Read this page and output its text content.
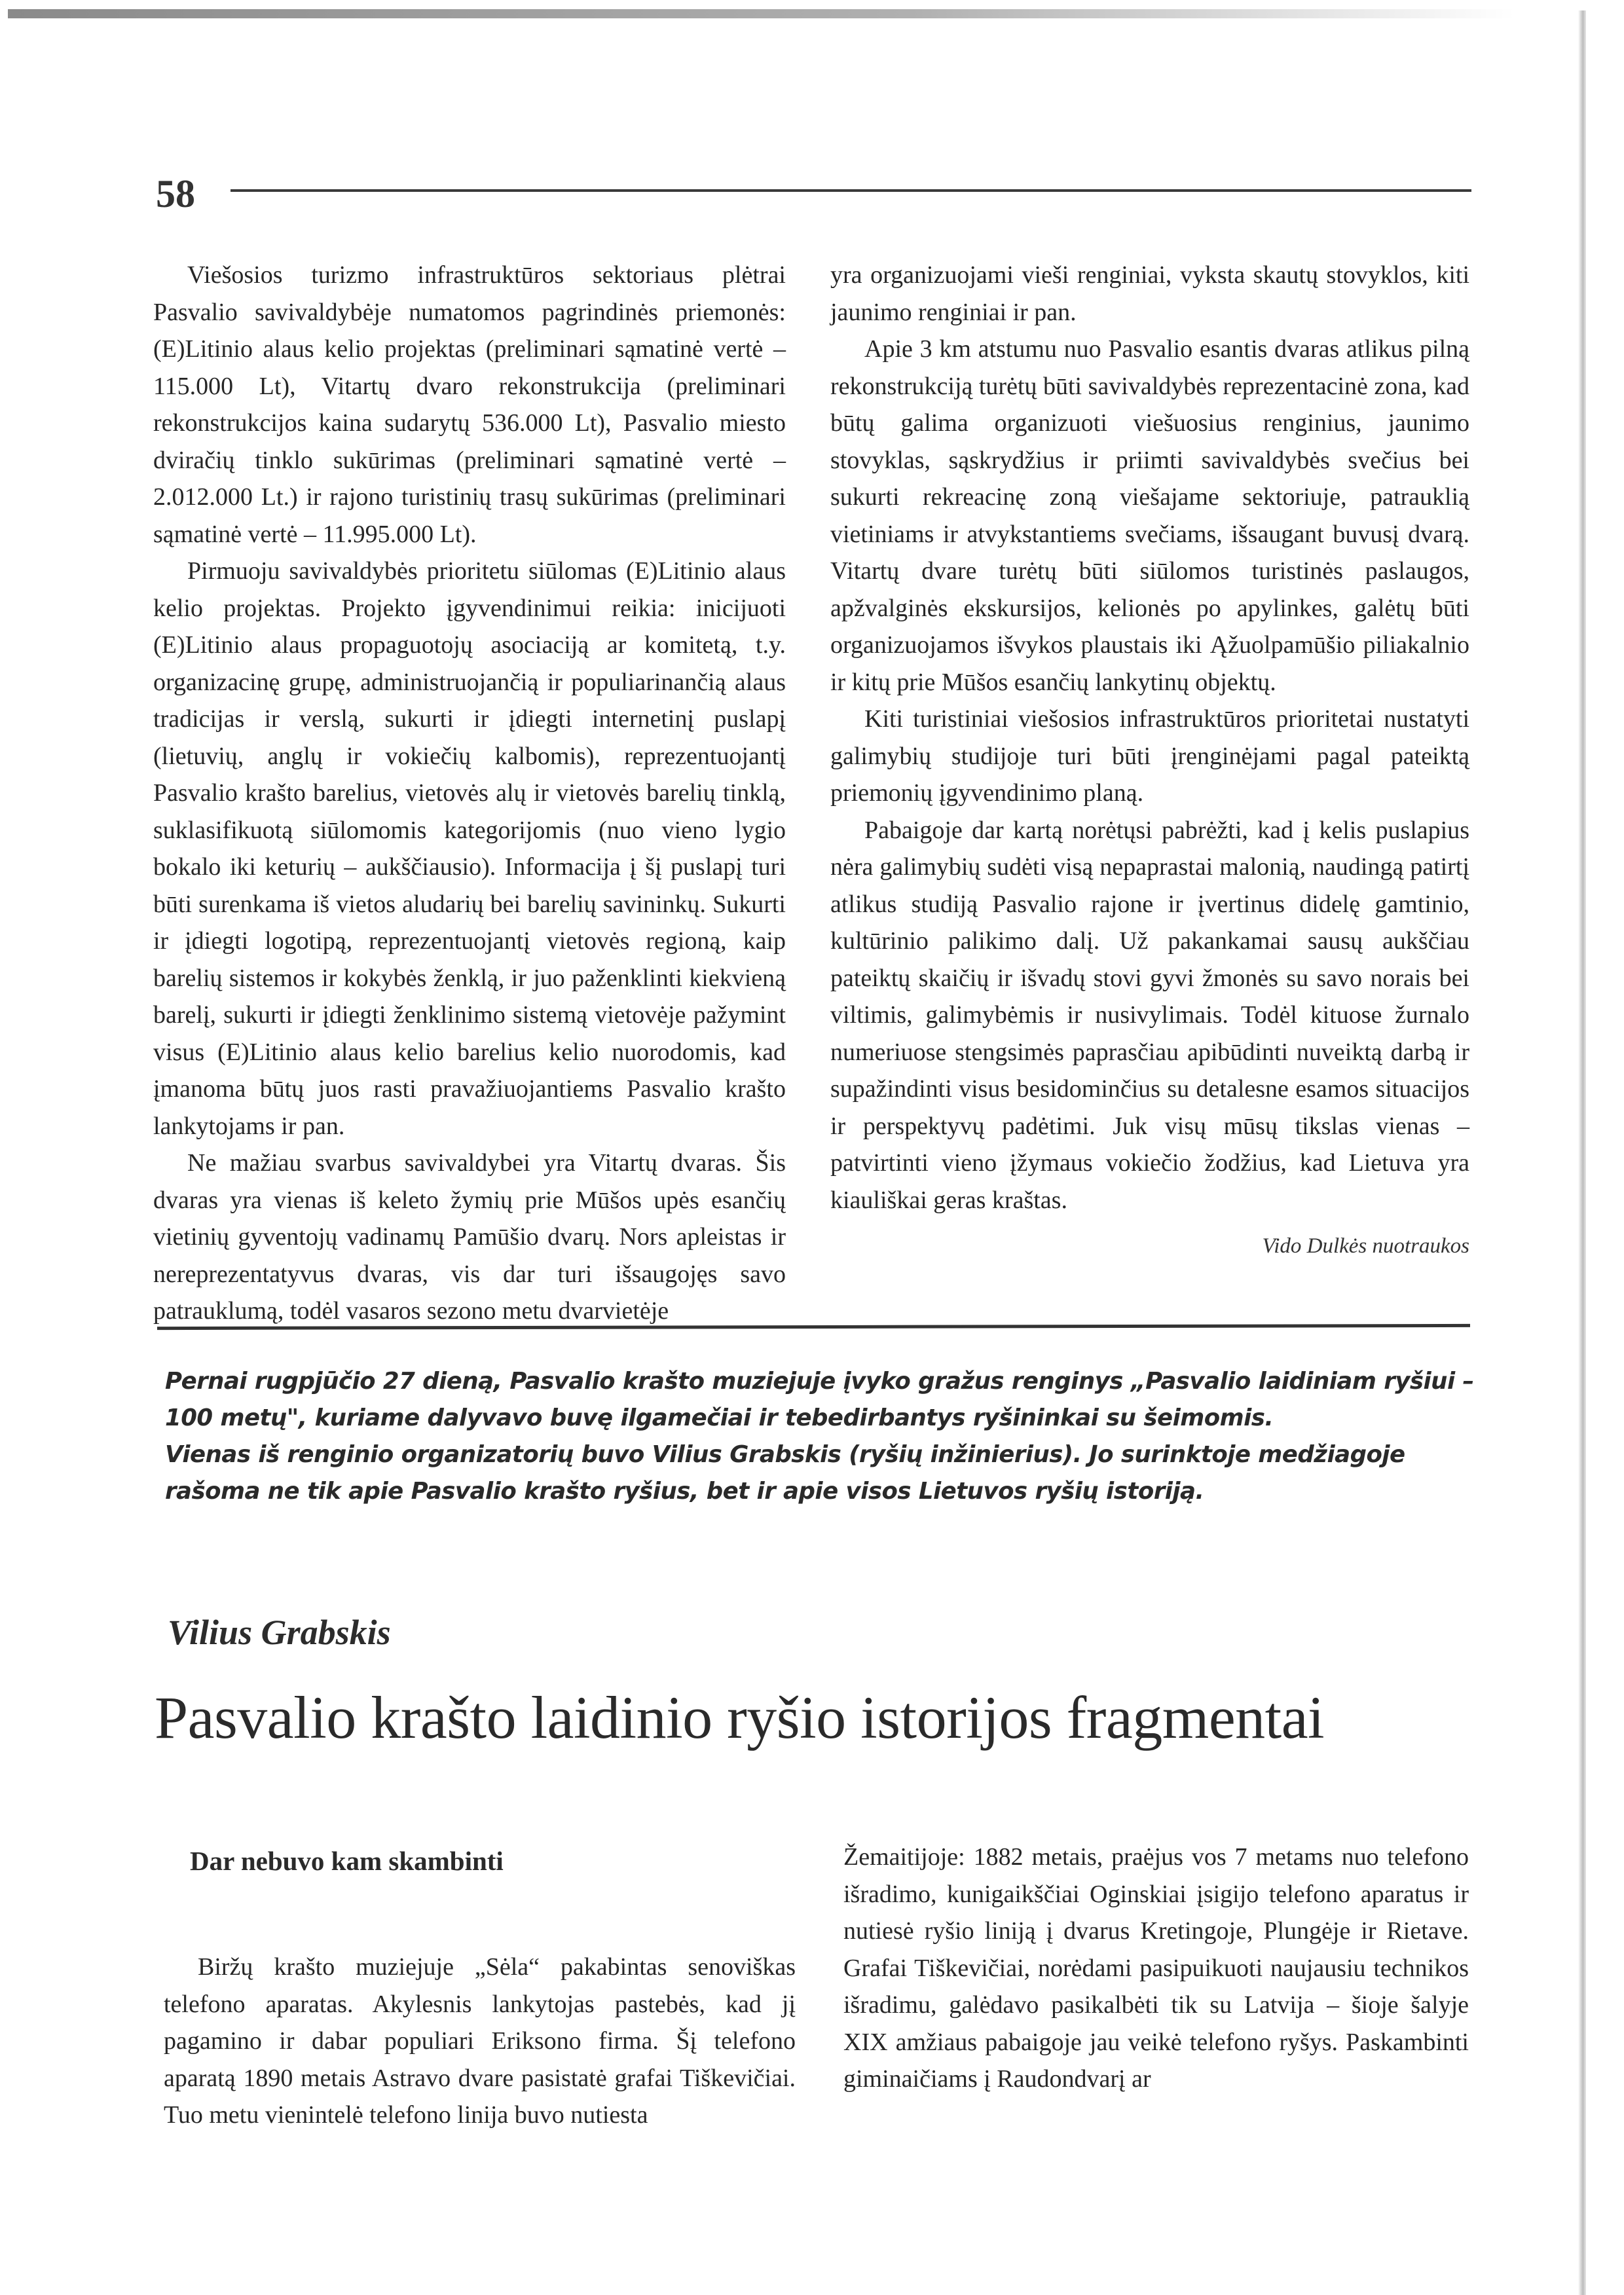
58

Viešosios turizmo infrastruktūros sektoriaus plėtrai Pasvalio savivaldybėje numatomos pagrindinės priemonės: (E)Litinio alaus kelio projektas (preliminari sąmatinė vertė – 115.000 Lt), Vitartų dvaro rekonstrukcija (preliminari rekonstrukcijos kaina sudarytų 536.000 Lt), Pasvalio miesto dviračių tinklo sukūrimas (preliminari sąmatinė vertė – 2.012.000 Lt.) ir rajono turistinių trasų sukūrimas (preliminari sąmatinė vertė – 11.995.000 Lt).

Pirmuoju savivaldybės prioritetu siūlomas (E)Litinio alaus kelio projektas. Projekto įgyvendinimui reikia: inicijuoti (E)Litinio alaus propaguotojų asociaciją ar komitetą, t.y. organizacinę grupę, administruojančią ir populiarinančią alaus tradicijas ir verslą, sukurti ir įdiegti internetinį puslapį (lietuvių, anglų ir vokiečių kalbomis), reprezentuojantį Pasvalio krašto barelius, vietovės alų ir vietovės barelių tinklą, suklasifikuotą siūlomomis kategorijomis (nuo vieno lygio bokalo iki keturių – aukščiausio). Informacija į šį puslapį turi būti surenkama iš vietos aludarių bei barelių savininkų. Sukurti ir įdiegti logotipą, reprezentuojantį vietovės regioną, kaip barelių sistemos ir kokybės ženklą, ir juo paženklinti kiekvieną barelį, sukurti ir įdiegti ženklinimo sistemą vietovėje pažymint visus (E)Litinio alaus kelio barelius kelio nuorodomis, kad įmanoma būtų juos rasti pravažiuojantiems Pasvalio krašto lankytojams ir pan.

Ne mažiau svarbus savivaldybei yra Vitartų dvaras. Šis dvaras yra vienas iš keleto žymių prie Mūšos upės esančių vietinių gyventojų vadinamų Pamūšio dvarų. Nors apleistas ir nereprezentatyvus dvaras, vis dar turi išsaugojęs savo patrauklumą, todėl vasaros sezono metu dvarvietėje

yra organizuojami vieši renginiai, vyksta skautų stovyklos, kiti jaunimo renginiai ir pan.

Apie 3 km atstumu nuo Pasvalio esantis dvaras atlikus pilną rekonstrukciją turėtų būti savivaldybės reprezentacinė zona, kad būtų galima organizuoti viešuosius renginius, jaunimo stovyklas, sąskrydžius ir priimti savivaldybės svečius bei sukurti rekreacinę zoną viešajame sektoriuje, patrauklią vietiniams ir atvykstantiems svečiams, išsaugant buvusį dvarą. Vitartų dvare turėtų būti siūlomos turistinės paslaugos, apžvalginės ekskursijos, kelionės po apylinkes, galėtų būti organizuojamos išvykos plaustais iki Ąžuolpamūšio piliakalnio ir kitų prie Mūšos esančių lankytinų objektų.

Kiti turistiniai viešosios infrastruktūros prioritetai nustatyti galimybių studijoje turi būti įrenginėjami pagal pateiktą priemonių įgyvendinimo planą.

Pabaigoje dar kartą norėtųsi pabrėžti, kad į kelis puslapius nėra galimybių sudėti visą nepaprastai malonią, naudingą patirtį atlikus studiją Pasvalio rajone ir įvertinus didelę gamtinio, kultūrinio palikimo dalį. Už pakankamai sausų aukščiau pateiktų skaičių ir išvadų stovi gyvi žmonės su savo norais bei viltimis, galimybėmis ir nusivylimais. Todėl kituose žurnalo numeriuose stengsimės paprasčiau apibūdinti nuveiktą darbą ir supažindinti visus besidominčius su detalesne esamos situacijos ir perspektyvų padėtimi. Juk visų mūsų tikslas vienas – patvirtinti vieno įžymaus vokiečio žodžius, kad Lietuva yra kiauliškai geras kraštas.

Vido Dulkės nuotraukos

Pernai rugpjūčio 27 dieną, Pasvalio krašto muziejuje įvyko gražus renginys „Pasvalio laidiniam ryšiui – 100 metų", kuriame dalyvavo buvę ilgamečiai ir tebedirbantys ryšininkai su šeimomis.

Vienas iš renginio organizatorių buvo Vilius Grabskis (ryšių inžinierius). Jo surinktoje medžiagoje rašoma ne tik apie Pasvalio krašto ryšius, bet ir apie visos Lietuvos ryšių istoriją.

Vilius Grabskis
Pasvalio krašto laidinio ryšio istorijos fragmentai
Dar nebuvo kam skambinti

Biržų krašto muziejuje „Sėla“ pakabintas senoviškas telefono aparatas. Akylesnis lankytojas pastebės, kad jį pagamino ir dabar populiari Eriksono firma. Šį telefono aparatą 1890 metais Astravo dvare pasistatė grafai Tiškevičiai. Tuo metu vienintelė telefono linija buvo nutiesta

Žemaitijoje: 1882 metais, praėjus vos 7 metams nuo telefono išradimo, kunigaikščiai Oginskiai įsigijo telefono aparatus ir nutiesė ryšio liniją į dvarus Kretingoje, Plungėje ir Rietave. Grafai Tiškevičiai, norėdami pasipuikuoti naujausiu technikos išradimu, galėdavo pasikalbėti tik su Latvija – šioje šalyje XIX amžiaus pabaigoje jau veikė telefono ryšys. Paskambinti giminaičiams į Raudondvarį ar
